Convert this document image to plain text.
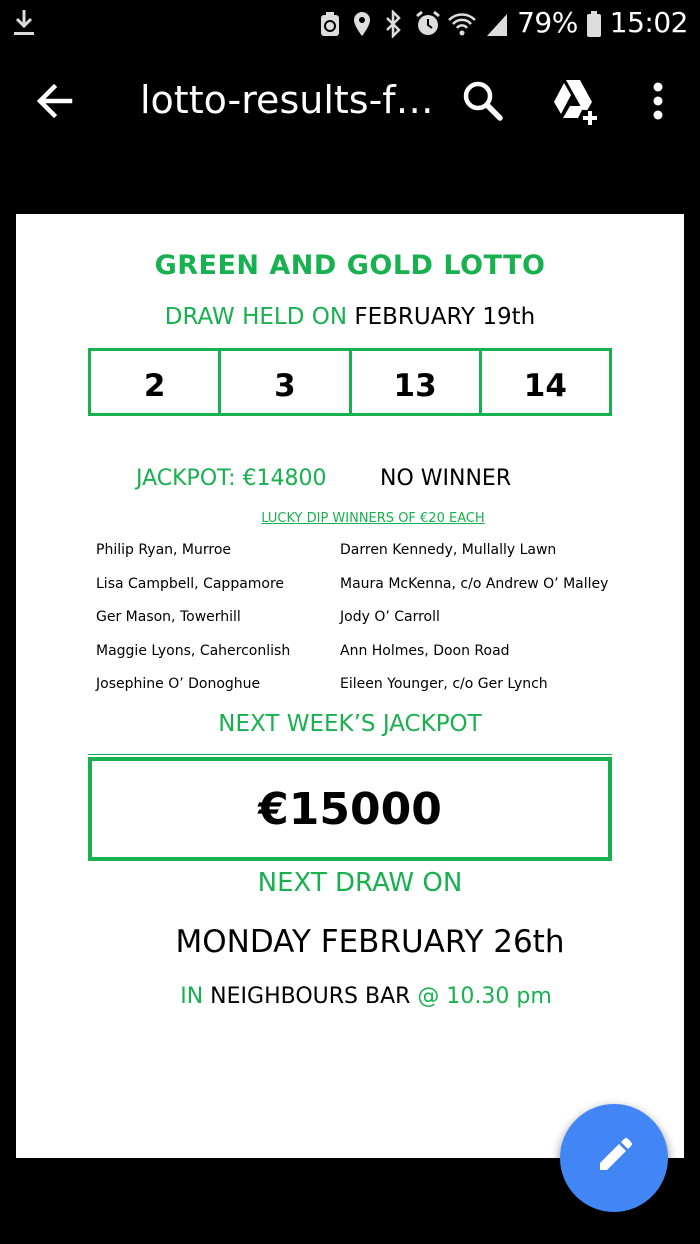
79% 15:02
lotto-results-f…
GREEN AND GOLD LOTTO
DRAW HELD ON FEBRUARY 19th
2	3	13	14
JACKPOT: €14800 NO WINNER
LUCKY DIP WINNERS OF €20 EACH
Philip Ryan, Murroe	Darren Kennedy, Mullally Lawn
Lisa Campbell, Cappamore	Maura McKenna, c/o Andrew O’ Malley
Ger Mason, Towerhill	Jody O’ Carroll
Maggie Lyons, Caherconlish	Ann Holmes, Doon Road
Josephine O’ Donoghue	Eileen Younger, c/o Ger Lynch
NEXT WEEK’S JACKPOT
€15000
NEXT DRAW ON
MONDAY FEBRUARY 26th
IN NEIGHBOURS BAR @ 10.30 pm
